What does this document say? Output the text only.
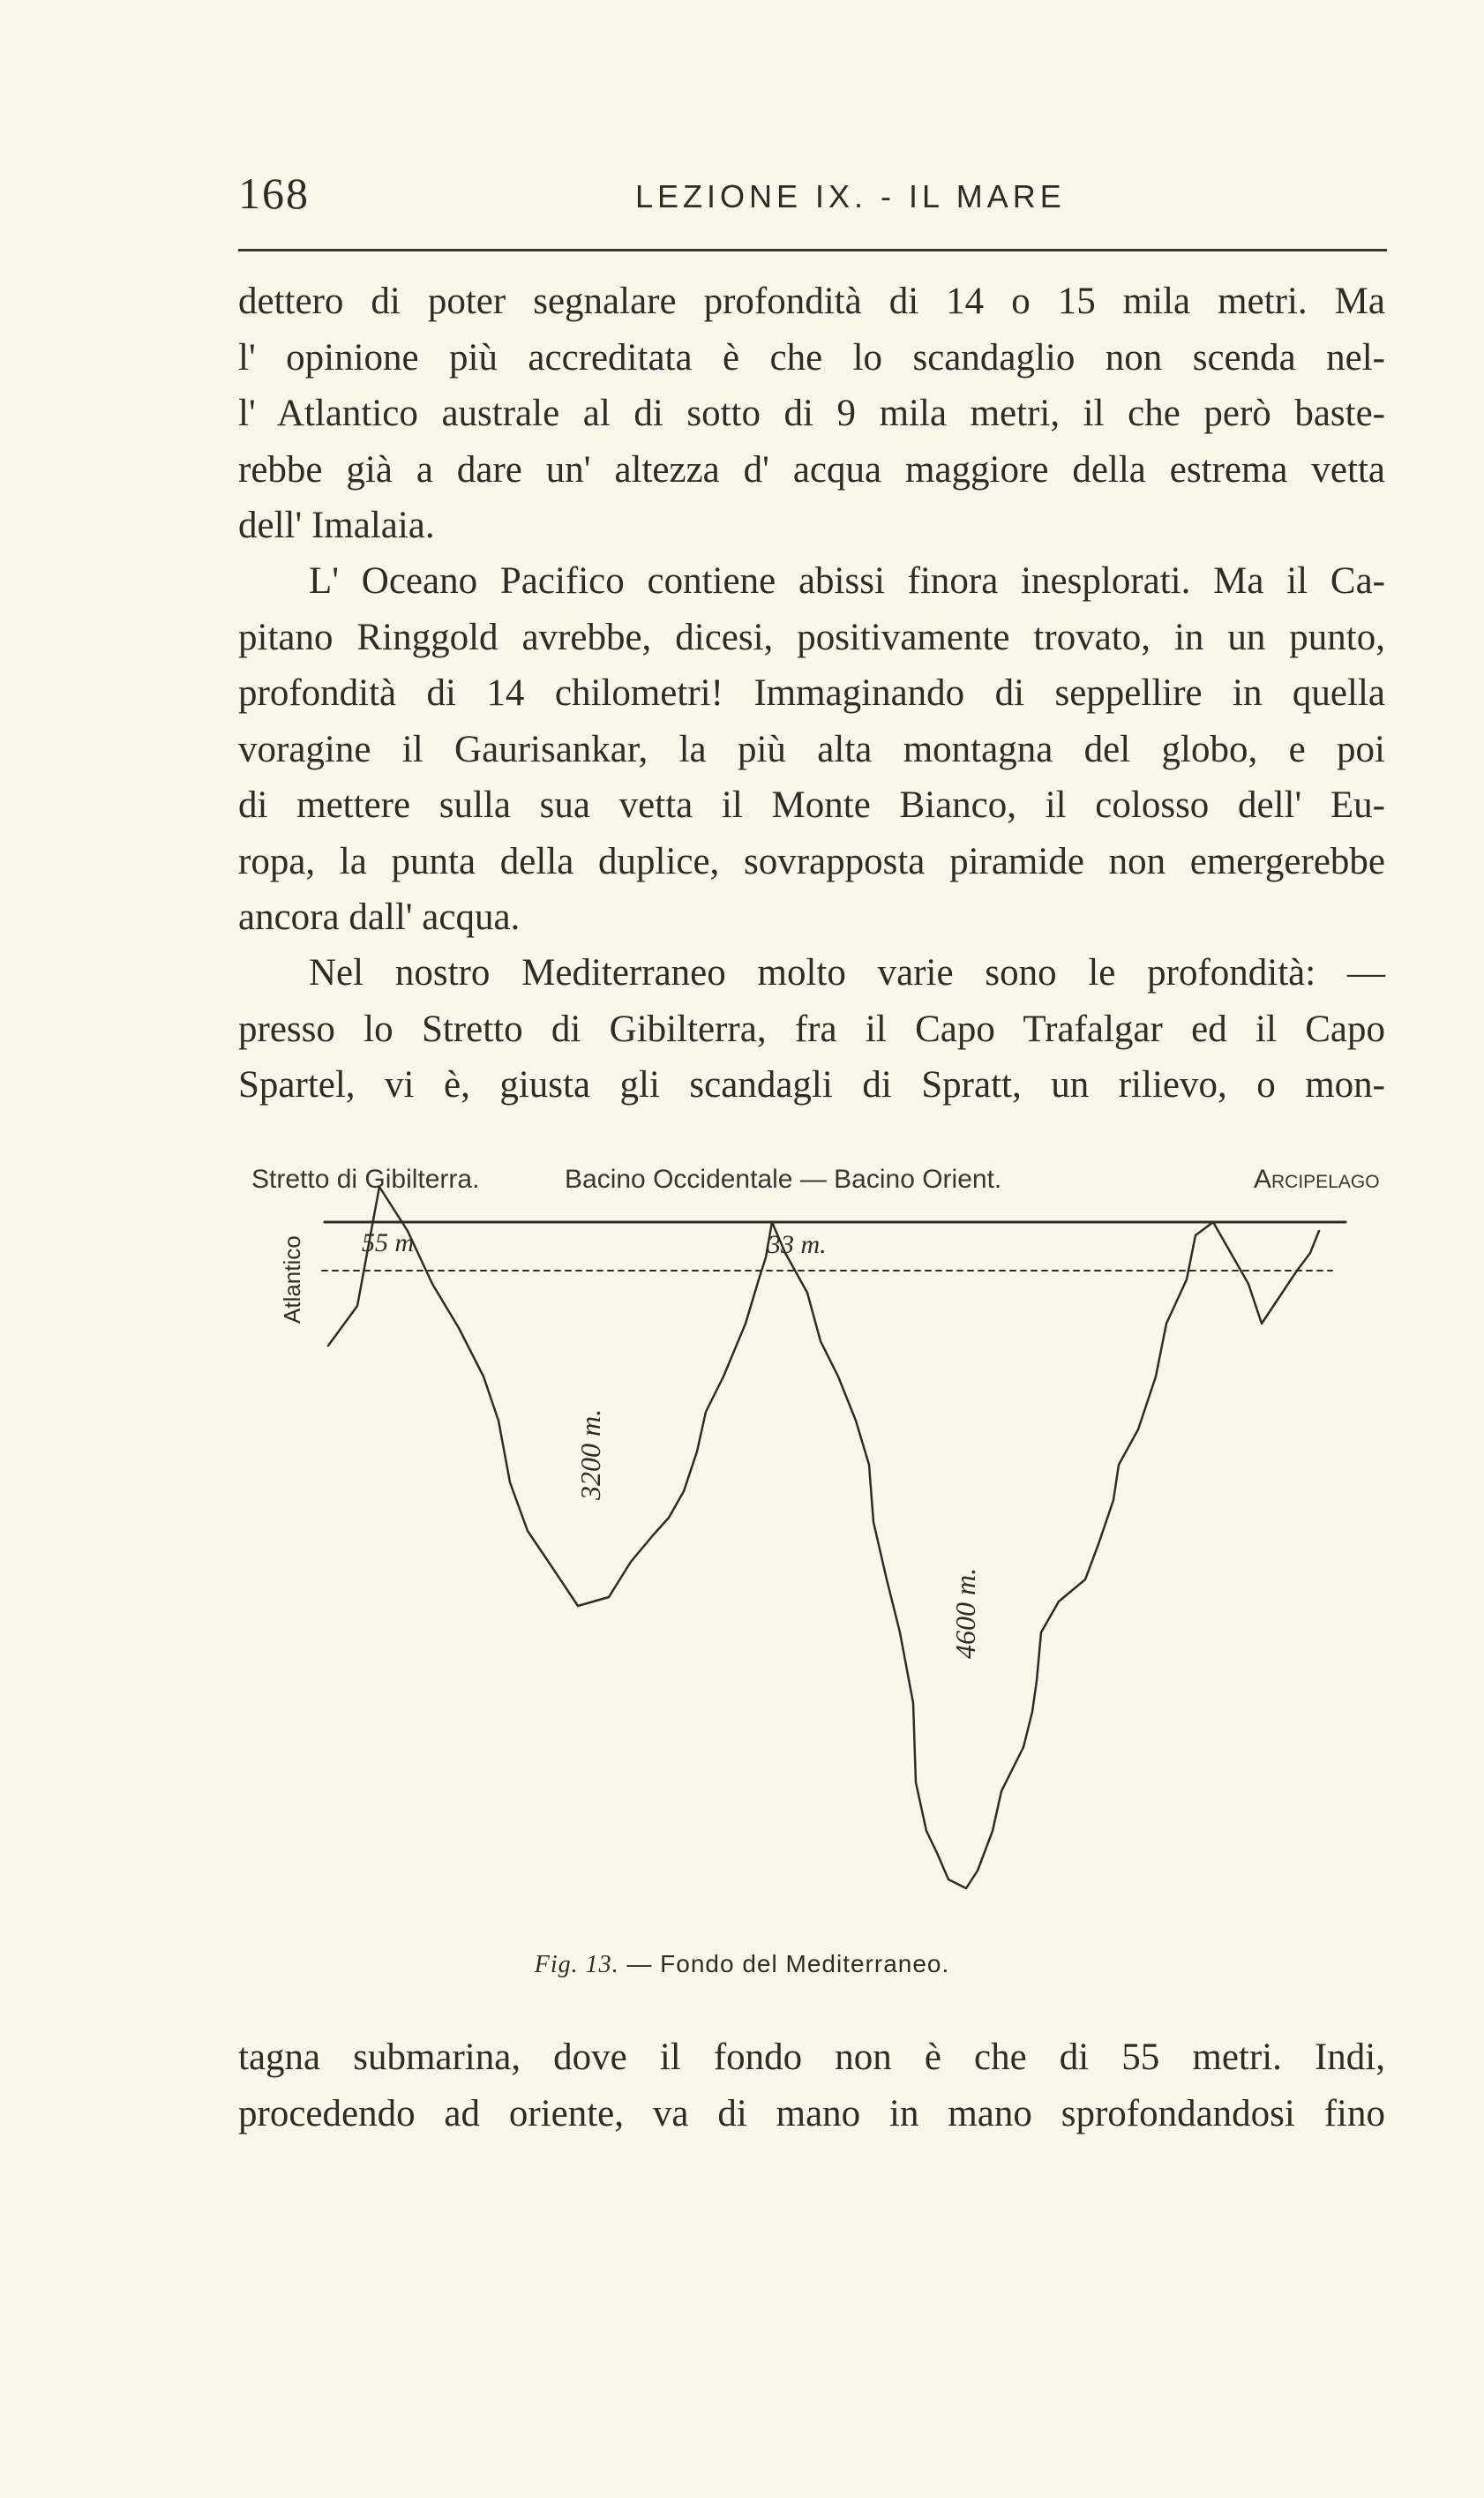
168	LEZIONE IX. - IL MARE
dettero di poter segnalare profondità di 14 o 15 mila metri. Ma
l' opinione più accreditata è che lo scandaglio non scenda nel-
l' Atlantico australe al di sotto di 9 mila metri, il che però baste-
rebbe già a dare un' altezza d' acqua maggiore della estrema vetta
dell' Imalaia.
L' Oceano Pacifico contiene abissi finora inesplorati. Ma il Ca-
pitano Ringgold avrebbe, dicesi, positivamente trovato, in un punto,
profondità di 14 chilometri! Immaginando di seppellire in quella
voragine il Gaurisankar, la più alta montagna del globo, e poi
di mettere sulla sua vetta il Monte Bianco, il colosso dell' Eu-
ropa, la punta della duplice, sovrapposta piramide non emergerebbe
ancora dall' acqua.
Nel nostro Mediterraneo molto varie sono le profondità: —
presso lo Stretto di Gibilterra, fra il Capo Trafalgar ed il Capo
Spartel, vi è, giusta gli scandagli di Spratt, un rilievo, o mon-
Stretto di Gibilterra.	Bacino Occidentale — Bacino Orient.	Arcipelago
55 m	33 m.
3200 m.
4600 m.
Atlantico
Fig. 13. — Fondo del Mediterraneo.
tagna submarina, dove il fondo non è che di 55 metri. Indi,
procedendo ad oriente, va di mano in mano sprofondandosi fino
